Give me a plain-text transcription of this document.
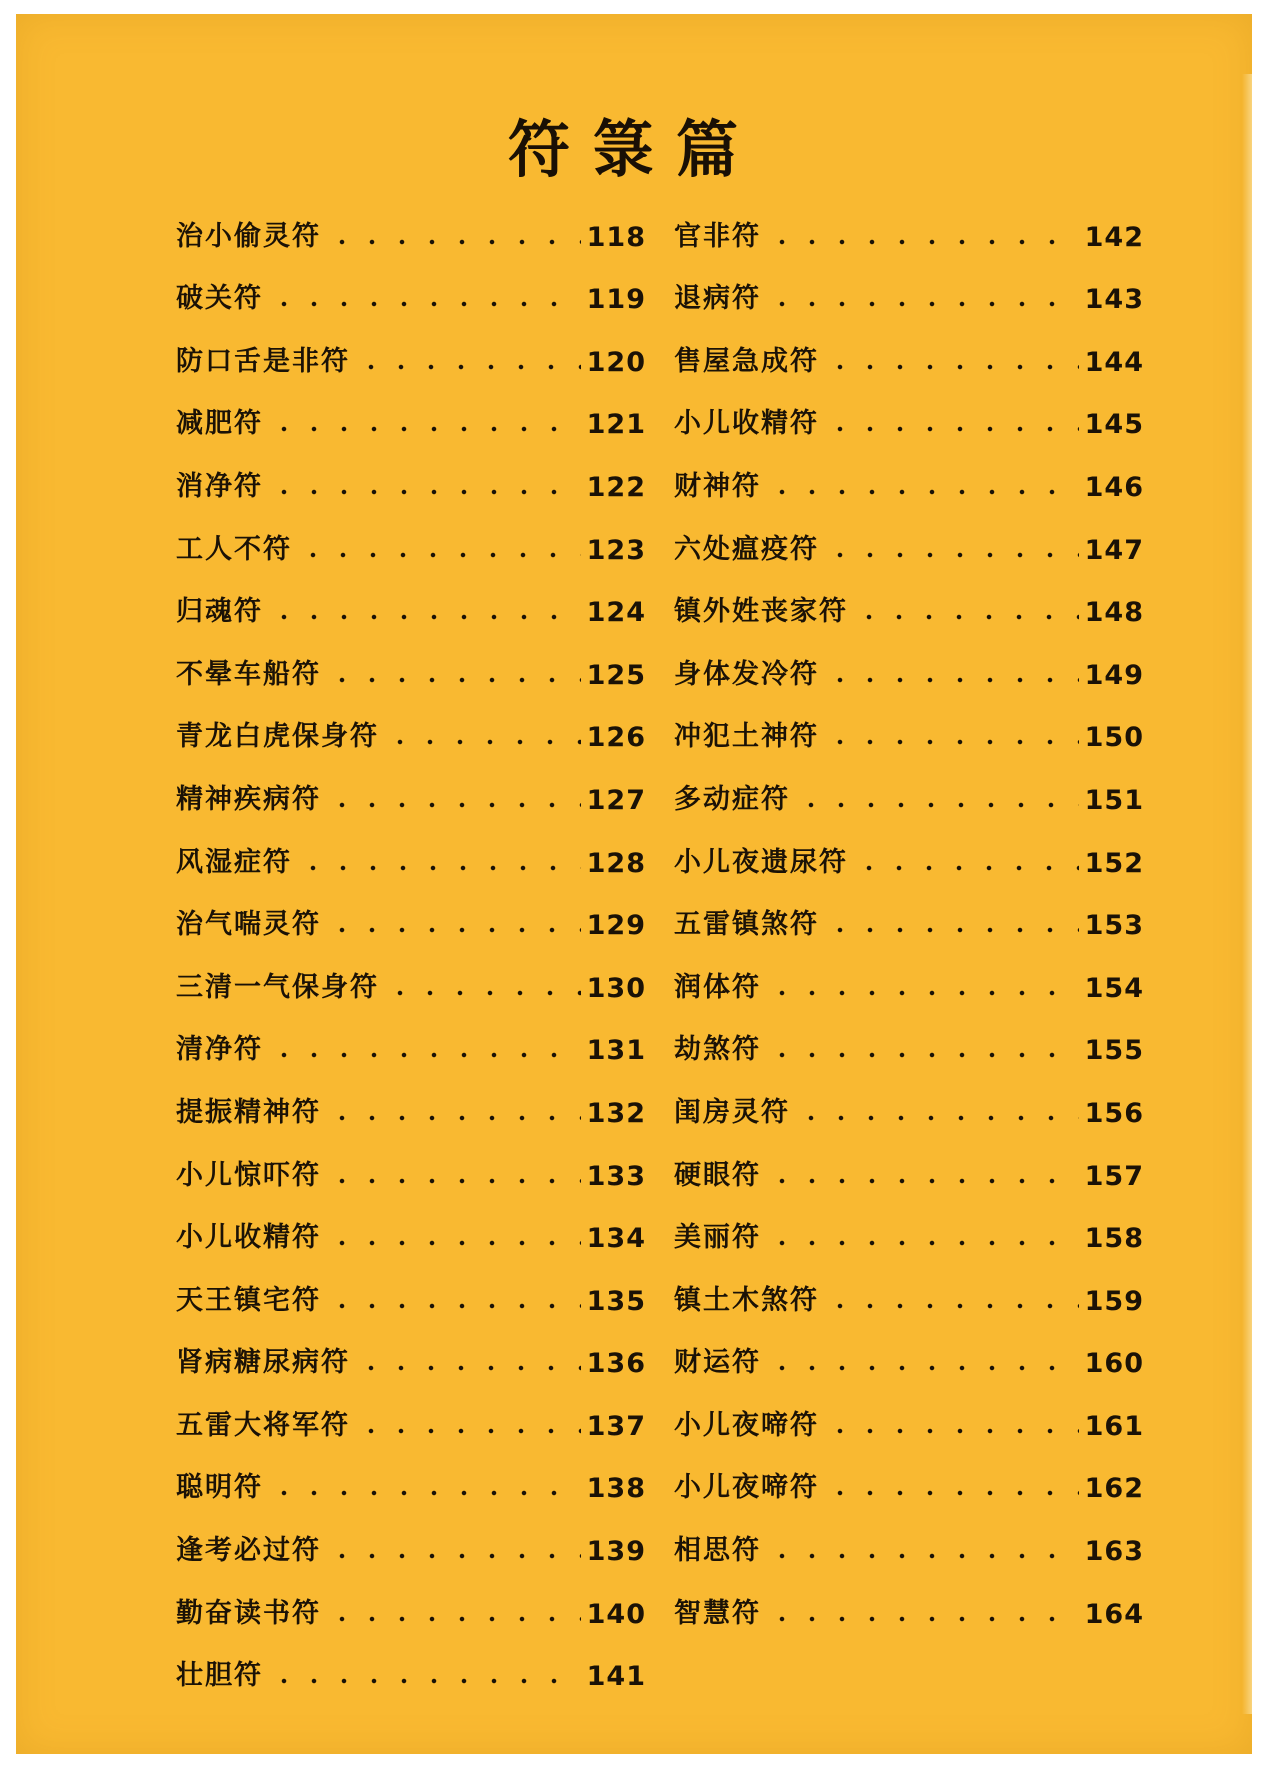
符箓篇
治小偷灵符	118
破关符	119
防口舌是非符	120
减肥符	121
消净符	122
工人不符	123
归魂符	124
不晕车船符	125
青龙白虎保身符	126
精神疾病符	127
风湿症符	128
治气喘灵符	129
三清一气保身符	130
清净符	131
提振精神符	132
小儿惊吓符	133
小儿收精符	134
天王镇宅符	135
肾病糖尿病符	136
五雷大将军符	137
聪明符	138
逢考必过符	139
勤奋读书符	140
壮胆符	141
官非符	142
退病符	143
售屋急成符	144
小儿收精符	145
财神符	146
六处瘟疫符	147
镇外姓丧家符	148
身体发冷符	149
冲犯土神符	150
多动症符	151
小儿夜遗尿符	152
五雷镇煞符	153
润体符	154
劫煞符	155
闺房灵符	156
硬眼符	157
美丽符	158
镇土木煞符	159
财运符	160
小儿夜啼符	161
小儿夜啼符	162
相思符	163
智慧符	164
